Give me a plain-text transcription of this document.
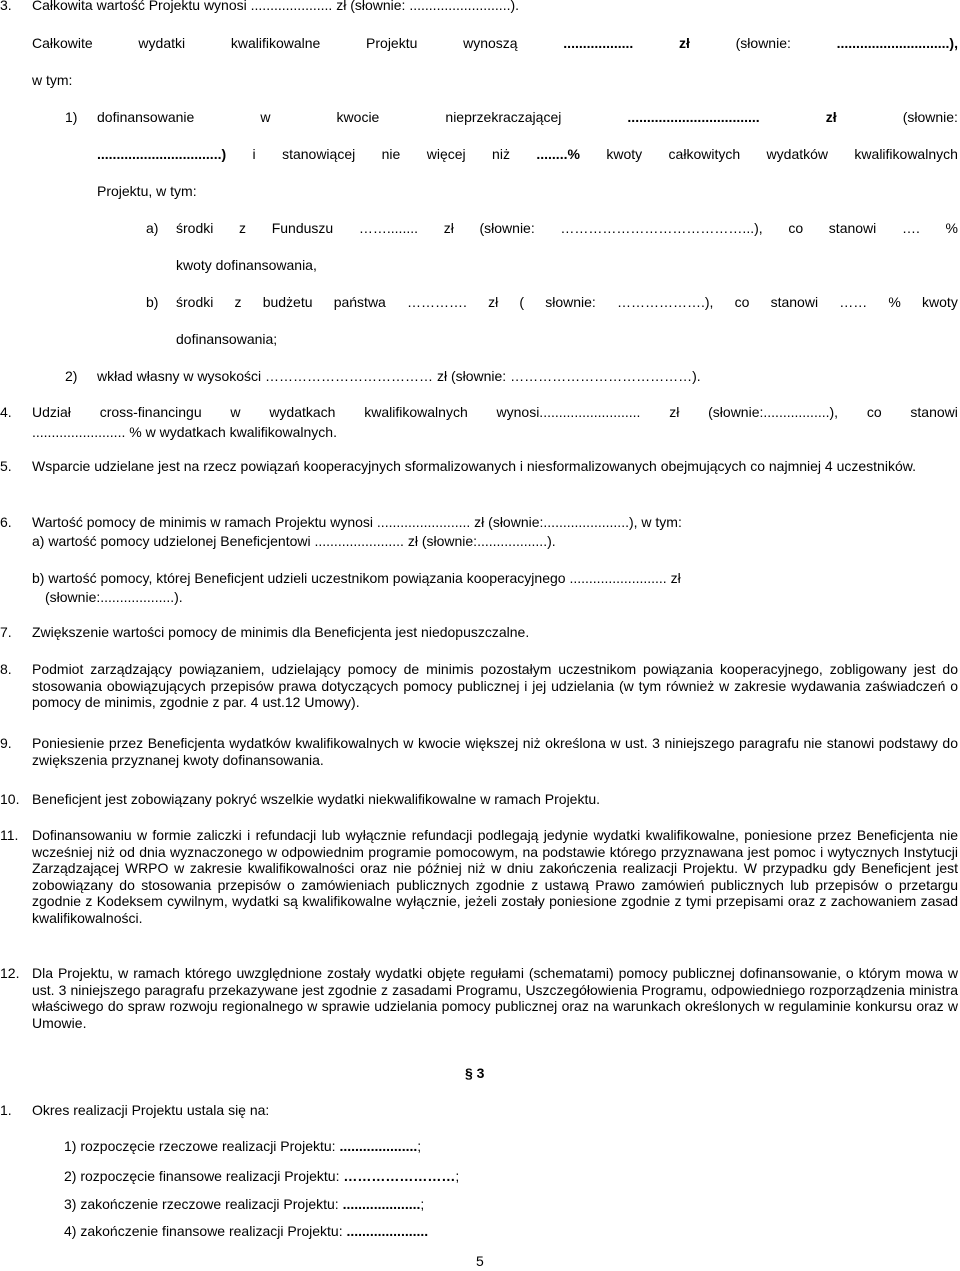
3. Całkowita wartość Projektu wynosi ..................... zł (słownie: ..........................).
Całkowite	wydatki	kwalifikowalne	Projektu	wynoszą	..................	zł	(słownie:	.............................),
w tym:
1) dofinansowanie	w	kwocie	nieprzekraczającej	..................................	zł	(słownie:
................................) i stanowiącej nie więcej niż ........% kwoty całkowitych wydatków kwalifikowalnych
Projektu, w tym:
a) środki z Funduszu ……........ zł (słownie: …………………………………...), co stanowi …. %
kwoty dofinansowania,
b) środki z budżetu państwa …………. zł ( słownie: ……………….), co stanowi …… % kwoty
dofinansowania;
2) wkład własny w wysokości ……………………………… zł (słownie: …………………………………).
4. Udział cross-financingu w wydatkach kwalifikowalnych wynosi.......................... zł (słownie:.................), co stanowi
........................ % w wydatkach kwalifikowalnych.
5. Wsparcie udzielane jest na rzecz powiązań kooperacyjnych sformalizowanych i niesformalizowanych obejmujących co najmniej 4 uczestników.
6. Wartość pomocy de minimis w ramach Projektu wynosi ........................ zł (słownie:......................), w tym:
a) wartość pomocy udzielonej Beneficjentowi ....................... zł (słownie:..................).
b) wartość pomocy, której Beneficjent udzieli uczestnikom powiązania kooperacyjnego ......................... zł
(słownie:...................).
7. Zwiększenie wartości pomocy de minimis dla Beneficjenta jest niedopuszczalne.
8. Podmiot zarządzający powiązaniem, udzielający pomocy de minimis pozostałym uczestnikom powiązania kooperacyjnego, zobligowany jest do stosowania obowiązujących przepisów prawa dotyczących pomocy publicznej i jej udzielania (w tym również w zakresie wydawania zaświadczeń o pomocy de minimis, zgodnie z par. 4 ust.12 Umowy).
9. Poniesienie przez Beneficjenta wydatków kwalifikowalnych w kwocie większej niż określona w ust. 3 niniejszego paragrafu nie stanowi podstawy do zwiększenia przyznanej kwoty dofinansowania.
10. Beneficjent jest zobowiązany pokryć wszelkie wydatki niekwalifikowalne w ramach Projektu.
11. Dofinansowaniu w formie zaliczki i refundacji lub wyłącznie refundacji podlegają jedynie wydatki kwalifikowalne, poniesione przez Beneficjenta nie wcześniej niż od dnia wyznaczonego w odpowiednim programie pomocowym, na podstawie którego przyznawana jest pomoc i wytycznych Instytucji Zarządzającej WRPO w zakresie kwalifikowalności oraz nie później niż w dniu zakończenia realizacji Projektu. W przypadku gdy Beneficjent jest zobowiązany do stosowania przepisów o zamówieniach publicznych zgodnie z ustawą Prawo zamówień publicznych lub przepisów o przetargu zgodnie z Kodeksem cywilnym, wydatki są kwalifikowalne wyłącznie, jeżeli zostały poniesione zgodnie z tymi przepisami oraz z zachowaniem zasad kwalifikowalności.
12. Dla Projektu, w ramach którego uwzględnione zostały wydatki objęte regułami (schematami) pomocy publicznej dofinansowanie, o którym mowa w ust. 3 niniejszego paragrafu przekazywane jest zgodnie z zasadami Programu, Uszczegółowienia Programu, odpowiedniego rozporządzenia ministra właściwego do spraw rozwoju regionalnego w sprawie udzielania pomocy publicznej oraz na warunkach określonych w regulaminie konkursu oraz w Umowie.
§ 3
1. Okres realizacji Projektu ustala się na:
1) rozpoczęcie rzeczowe realizacji Projektu: ....................;
2) rozpoczęcie finansowe realizacji Projektu: ……………………;
3) zakończenie rzeczowe realizacji Projektu: ....................;
4) zakończenie finansowe realizacji Projektu: .....................
5
